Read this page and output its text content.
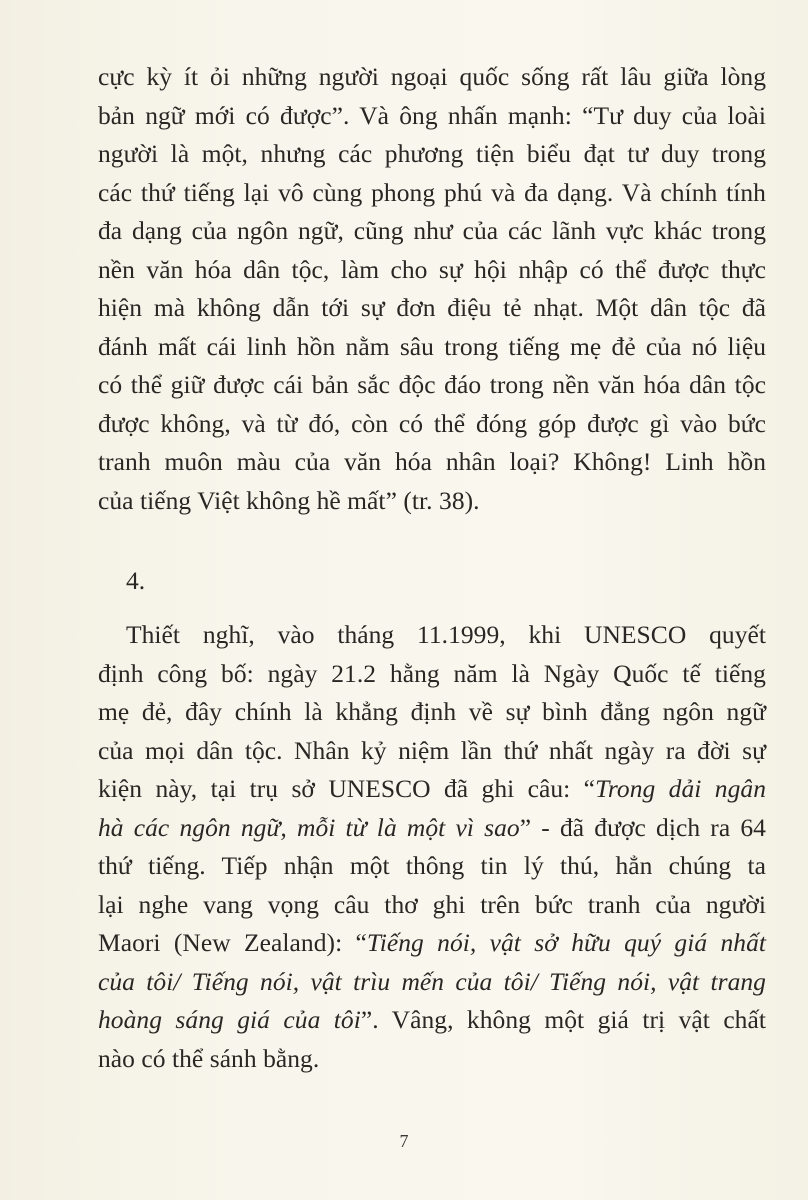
cực kỳ ít ỏi những người ngoại quốc sống rất lâu giữa lòng
bản ngữ mới có được”. Và ông nhấn mạnh: “Tư duy của loài
người là một, nhưng các phương tiện biểu đạt tư duy trong
các thứ tiếng lại vô cùng phong phú và đa dạng. Và chính tính
đa dạng của ngôn ngữ, cũng như của các lãnh vực khác trong
nền văn hóa dân tộc, làm cho sự hội nhập có thể được thực
hiện mà không dẫn tới sự đơn điệu tẻ nhạt. Một dân tộc đã
đánh mất cái linh hồn nằm sâu trong tiếng mẹ đẻ của nó liệu
có thể giữ được cái bản sắc độc đáo trong nền văn hóa dân tộc
được không, và từ đó, còn có thể đóng góp được gì vào bức
tranh muôn màu của văn hóa nhân loại? Không! Linh hồn
của tiếng Việt không hề mất” (tr. 38).
4.
Thiết nghĩ, vào tháng 11.1999, khi UNESCO quyết
định công bố: ngày 21.2 hằng năm là Ngày Quốc tế tiếng
mẹ đẻ, đây chính là khẳng định về sự bình đẳng ngôn ngữ
của mọi dân tộc. Nhân kỷ niệm lần thứ nhất ngày ra đời sự
kiện này, tại trụ sở UNESCO đã ghi câu: “Trong dải ngân
hà các ngôn ngữ, mỗi từ là một vì sao” - đã được dịch ra 64
thứ tiếng. Tiếp nhận một thông tin lý thú, hẳn chúng ta
lại nghe vang vọng câu thơ ghi trên bức tranh của người
Maori (New Zealand): “Tiếng nói, vật sở hữu quý giá nhất
của tôi/ Tiếng nói, vật trìu mến của tôi/ Tiếng nói, vật trang
hoàng sáng giá của tôi”. Vâng, không một giá trị vật chất
nào có thể sánh bằng.
7
